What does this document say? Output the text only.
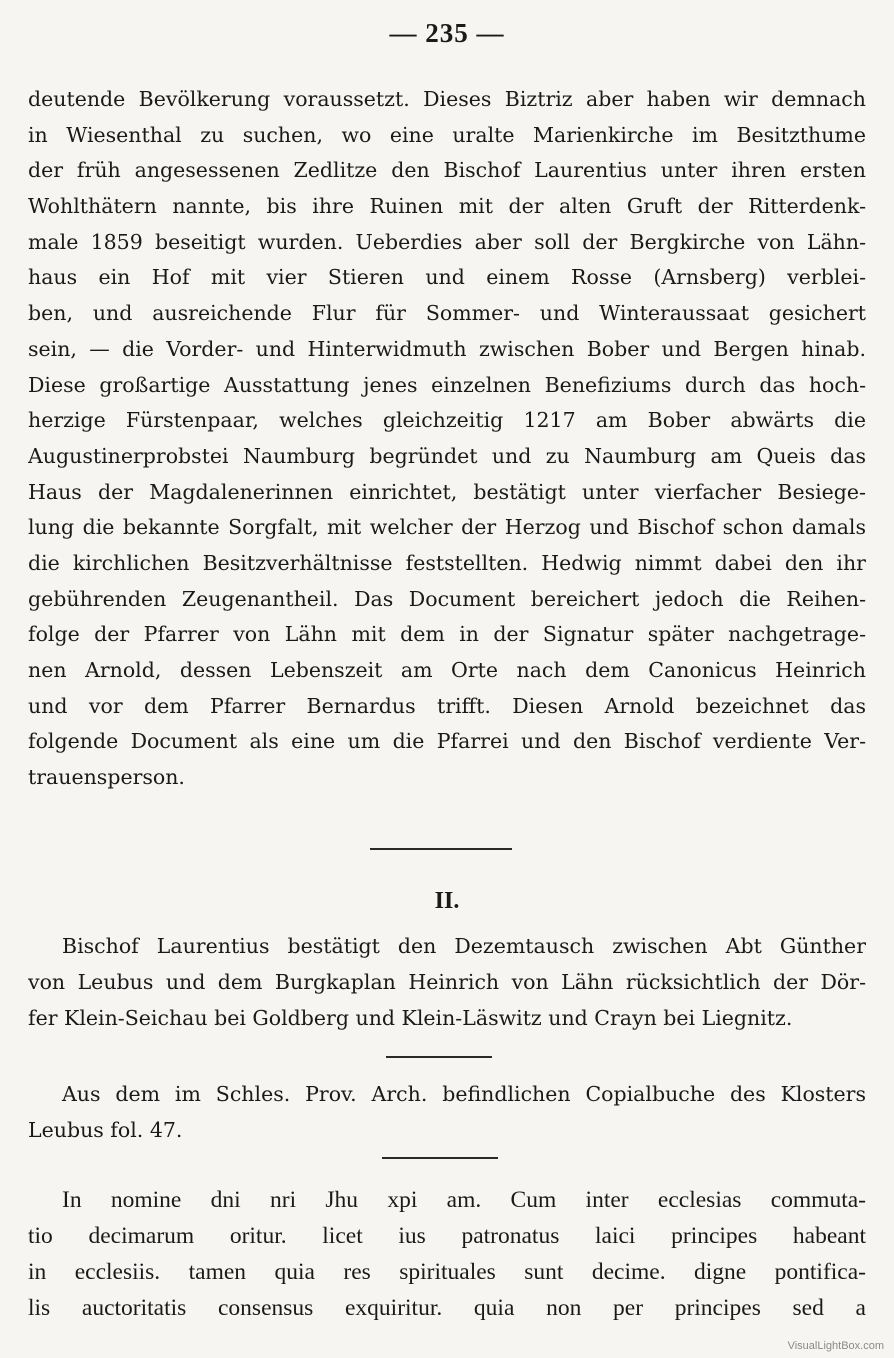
— 235 —
deutende Bevölkerung voraussetzt. Dieses Biztriz aber haben wir demnach
in Wiesenthal zu suchen, wo eine uralte Marienkirche im Besitzthume
der früh angesessenen Zedlitze den Bischof Laurentius unter ihren ersten
Wohlthätern nannte, bis ihre Ruinen mit der alten Gruft der Ritterdenk-
male 1859 beseitigt wurden. Ueberdies aber soll der Bergkirche von Lähn-
haus ein Hof mit vier Stieren und einem Rosse (Arnsberg) verblei-
ben, und ausreichende Flur für Sommer- und Winteraussaat gesichert
sein, — die Vorder- und Hinterwidmuth zwischen Bober und Bergen hinab.
Diese großartige Ausstattung jenes einzelnen Benefiziums durch das hoch-
herzige Fürstenpaar, welches gleichzeitig 1217 am Bober abwärts die
Augustinerprobstei Naumburg begründet und zu Naumburg am Queis das
Haus der Magdalenerinnen einrichtet, bestätigt unter vierfacher Besiege-
lung die bekannte Sorgfalt, mit welcher der Herzog und Bischof schon damals
die kirchlichen Besitzverhältnisse feststellten. Hedwig nimmt dabei den ihr
gebührenden Zeugenantheil. Das Document bereichert jedoch die Reihen-
folge der Pfarrer von Lähn mit dem in der Signatur später nachgetrage-
nen Arnold, dessen Lebenszeit am Orte nach dem Canonicus Heinrich
und vor dem Pfarrer Bernardus trifft. Diesen Arnold bezeichnet das
folgende Document als eine um die Pfarrei und den Bischof verdiente Ver-
trauensperson.
II.
Bischof Laurentius bestätigt den Dezemtausch zwischen Abt Günther
von Leubus und dem Burgkaplan Heinrich von Lähn rücksichtlich der Dör-
fer Klein-Seichau bei Goldberg und Klein-Läswitz und Crayn bei Liegnitz.
Aus dem im Schles. Prov. Arch. befindlichen Copialbuche des Klosters
Leubus fol. 47.
In nomine dni nri Jhu xpi am. Cum inter ecclesias commuta-
tio decimarum oritur. licet ius patronatus laici principes habeant
in ecclesiis. tamen quia res spirituales sunt decime. digne pontifica-
lis auctoritatis consensus exquiritur. quia non per principes sed a
VisualLightBox.com
